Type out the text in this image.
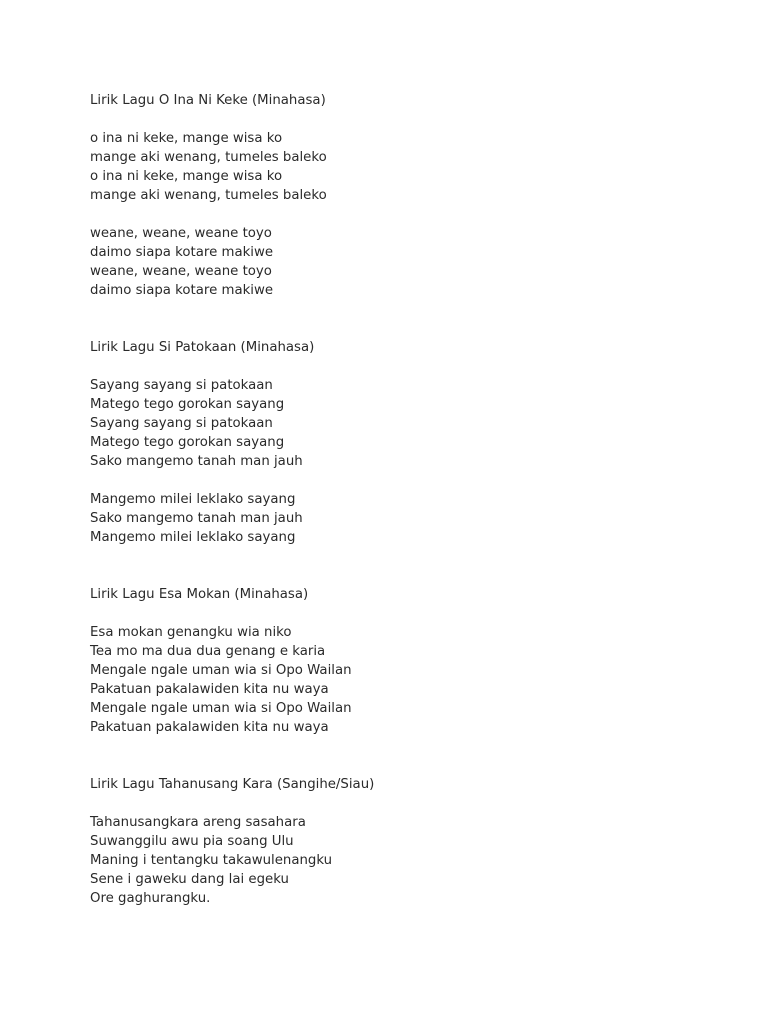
Lirik Lagu O Ina Ni Keke (Minahasa)
o ina ni keke, mange wisa ko
mange aki wenang, tumeles baleko
o ina ni keke, mange wisa ko
mange aki wenang, tumeles baleko
weane, weane, weane toyo
daimo siapa kotare makiwe
weane, weane, weane toyo
daimo siapa kotare makiwe
Lirik Lagu Si Patokaan (Minahasa)
Sayang sayang si patokaan
Matego tego gorokan sayang
Sayang sayang si patokaan
Matego tego gorokan sayang
Sako mangemo tanah man jauh
Mangemo milei leklako sayang
Sako mangemo tanah man jauh
Mangemo milei leklako sayang
Lirik Lagu Esa Mokan (Minahasa)
Esa mokan genangku wia niko
Tea mo ma dua dua genang e karia
Mengale ngale uman wia si Opo Wailan
Pakatuan pakalawiden kita nu waya
Mengale ngale uman wia si Opo Wailan
Pakatuan pakalawiden kita nu waya
Lirik Lagu Tahanusang Kara (Sangihe/Siau)
Tahanusangkara areng sasahara
Suwanggilu awu pia soang Ulu
Maning i tentangku takawulenangku
Sene i gaweku dang lai egeku
Ore gaghurangku.
